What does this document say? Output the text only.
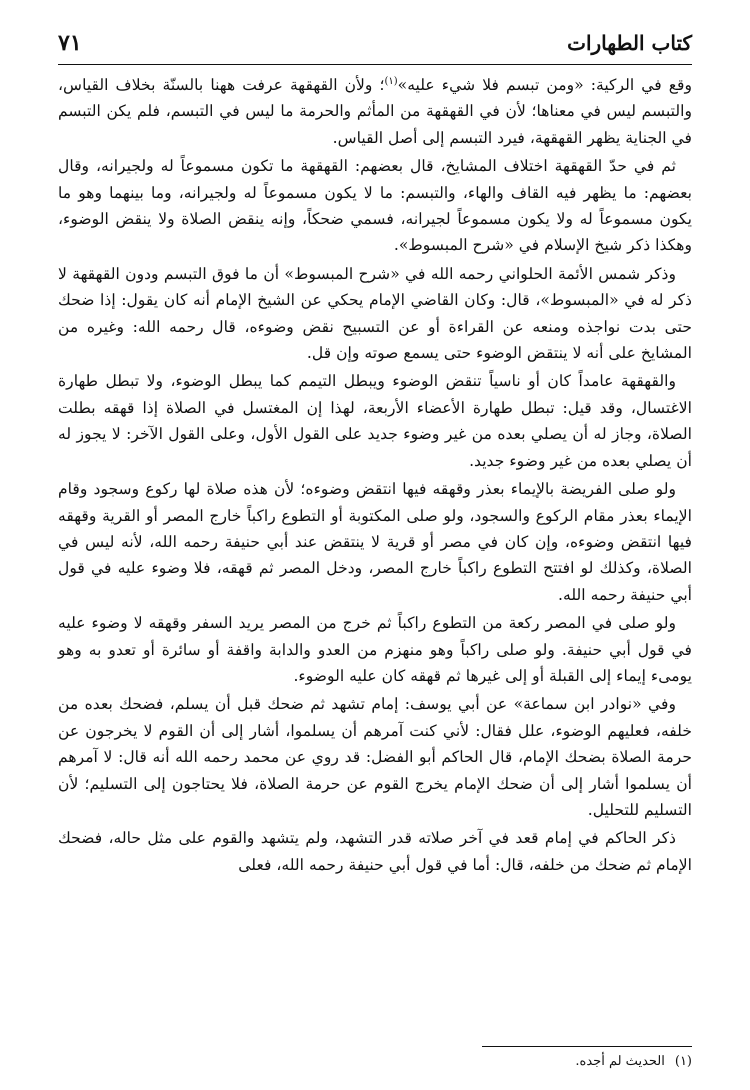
٧١	كتاب الطهارات

وقع في الركية: «ومن تبسم فلا شيء عليه»$^{(١)}$؛ ولأن القهقهة عرفت ههنا بالسنّة بخلاف القياس، والتبسم ليس في معناها؛ لأن في القهقهة من المأثم والحرمة ما ليس في التبسم، فلم يكن التبسم في الجناية يظهر القهقهة، فيرد التبسم إلى أصل القياس.

ثم في حدّ القهقهة اختلاف المشايخ، قال بعضهم: القهقهة ما تكون مسموعاً له ولجيرانه، وقال بعضهم: ما يظهر فيه القاف والهاء، والتبسم: ما لا يكون مسموعاً له ولجيرانه، وما بينهما وهو ما يكون مسموعاً له ولا يكون مسموعاً لجيرانه، فسمي ضحكاً، وإنه ينقض الصلاة ولا ينقض الوضوء، وهكذا ذكر شيخ الإسلام في «شرح المبسوط».

وذكر شمس الأئمة الحلواني رحمه الله في «شرح المبسوط» أن ما فوق التبسم ودون القهقهة لا ذكر له في «المبسوط»، قال: وكان القاضي الإمام يحكي عن الشيخ الإمام أنه كان يقول: إذا ضحك حتى بدت نواجذه ومنعه عن القراءة أو عن التسبيح نقض وضوءه، قال رحمه الله: وغيره من المشايخ على أنه لا ينتقض الوضوء حتى يسمع صوته وإن قل.

والقهقهة عامداً كان أو ناسياً تنقض الوضوء ويبطل التيمم كما يبطل الوضوء، ولا تبطل طهارة الاغتسال، وقد قيل: تبطل طهارة الأعضاء الأربعة، لهذا إن المغتسل في الصلاة إذا قهقه بطلت الصلاة، وجاز له أن يصلي بعده من غير وضوء جديد على القول الأول، وعلى القول الآخر: لا يجوز له أن يصلي بعده من غير وضوء جديد.

ولو صلى الفريضة بالإيماء بعذر وقهقه فيها انتقض وضوءه؛ لأن هذه صلاة لها ركوع وسجود وقام الإيماء بعذر مقام الركوع والسجود، ولو صلى المكتوبة أو التطوع راكباً خارج المصر أو القرية وقهقه فيها انتقض وضوءه، وإن كان في مصر أو قرية لا ينتقض عند أبي حنيفة رحمه الله، لأنه ليس في الصلاة، وكذلك لو افتتح التطوع راكباً خارج المصر، ودخل المصر ثم قهقه، فلا وضوء عليه في قول أبي حنيفة رحمه الله.

ولو صلى في المصر ركعة من التطوع راكباً ثم خرج من المصر يريد السفر وقهقه لا وضوء عليه في قول أبي حنيفة. ولو صلى راكباً وهو منهزم من العدو والدابة واقفة أو سائرة أو تعدو به وهو يومىء إيماء إلى القبلة أو إلى غيرها ثم قهقه كان عليه الوضوء.

وفي «نوادر ابن سماعة» عن أبي يوسف: إمام تشهد ثم ضحك قبل أن يسلم، فضحك بعده من خلفه، فعليهم الوضوء، علل فقال: لأني كنت آمرهم أن يسلموا، أشار إلى أن القوم لا يخرجون عن حرمة الصلاة بضحك الإمام، قال الحاكم أبو الفضل: قد روي عن محمد رحمه الله أنه قال: لا آمرهم أن يسلموا أشار إلى أن ضحك الإمام يخرج القوم عن حرمة الصلاة، فلا يحتاجون إلى التسليم؛ لأن التسليم للتحليل.

ذكر الحاكم في إمام قعد في آخر صلاته قدر التشهد، ولم يتشهد والقوم على مثل حاله، فضحك الإمام ثم ضحك من خلفه، قال: أما في قول أبي حنيفة رحمه الله، فعلى

(١)الحديث لم أجده.
